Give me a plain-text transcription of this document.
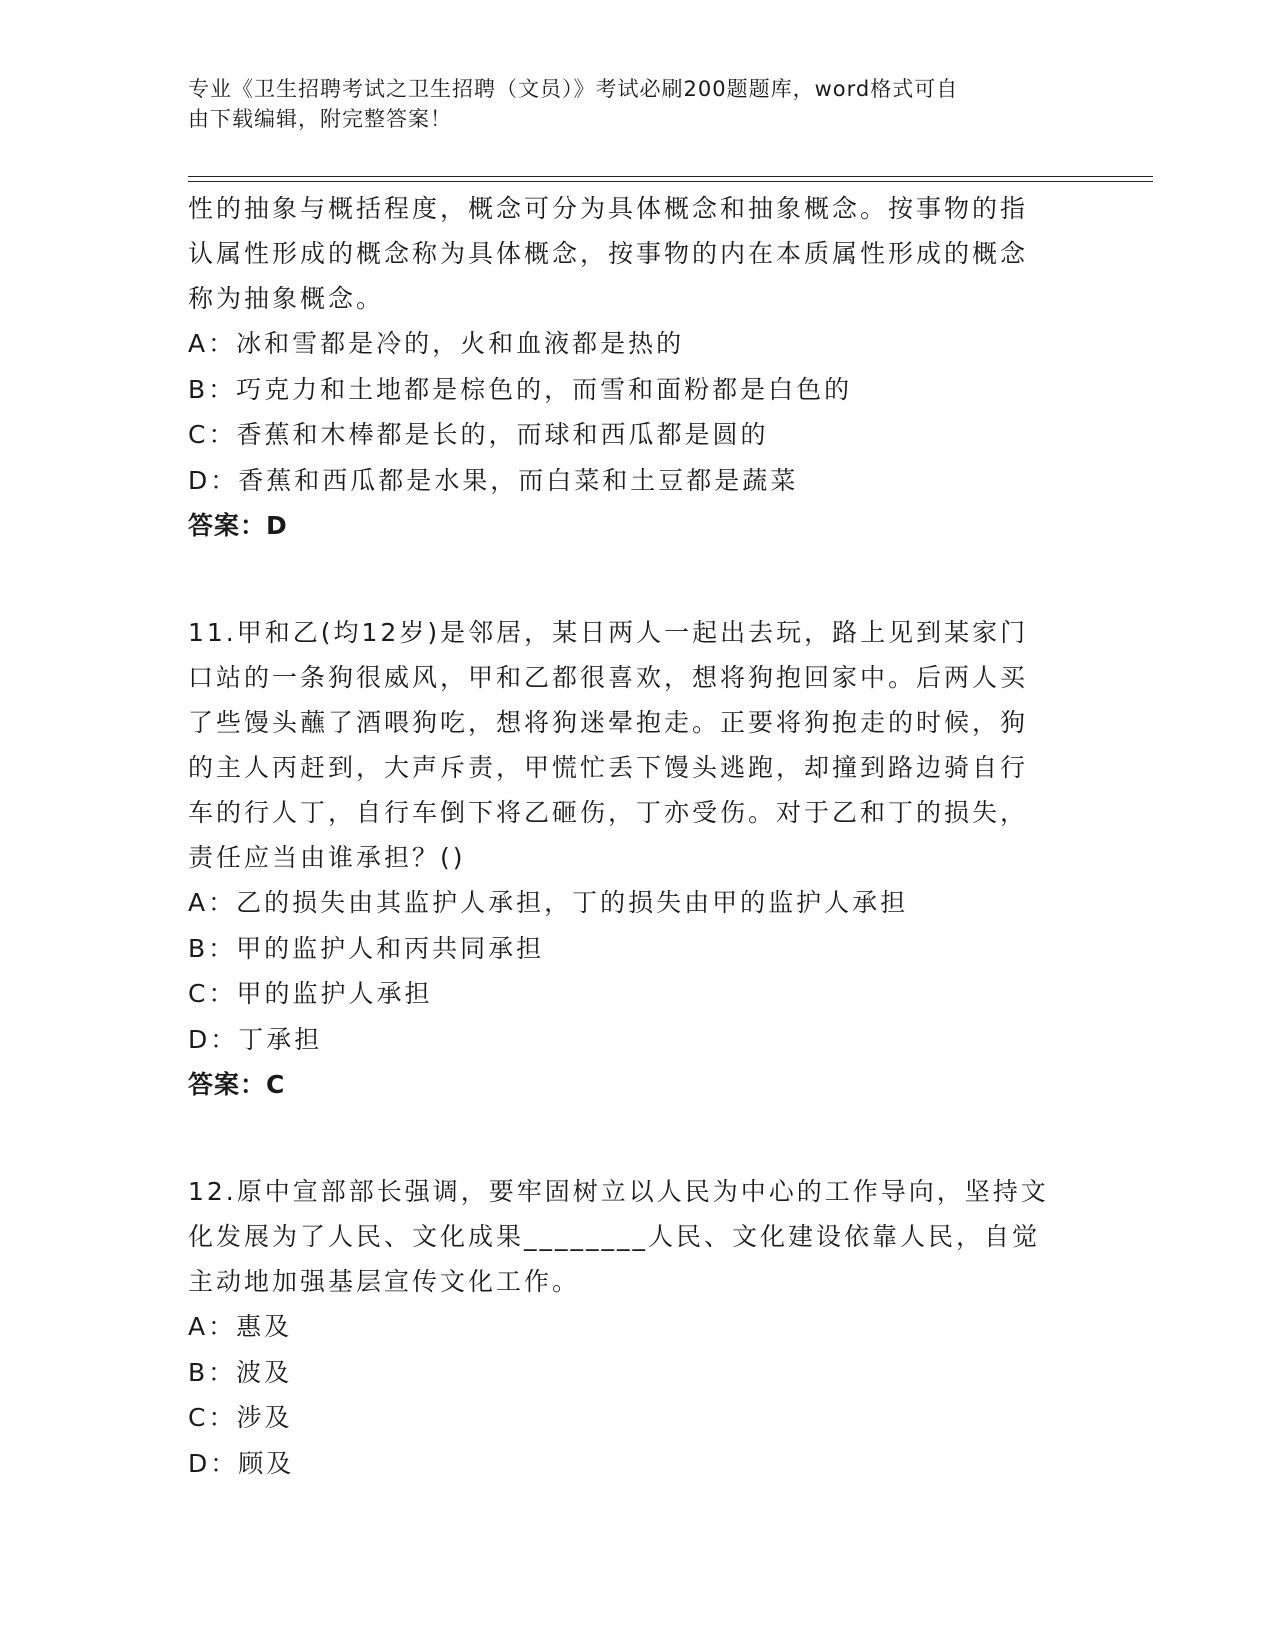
专业《卫生招聘考试之卫生招聘（文员）》考试必刷200题题库，word格式可自
由下载编辑，附完整答案！

性的抽象与概括程度，概念可分为具体概念和抽象概念。按事物的指

认属性形成的概念称为具体概念，按事物的内在本质属性形成的概念

称为抽象概念。

A：冰和雪都是冷的，火和血液都是热的

B：巧克力和土地都是棕色的，而雪和面粉都是白色的

C：香蕉和木棒都是长的，而球和西瓜都是圆的

D：香蕉和西瓜都是水果，而白菜和土豆都是蔬菜

答案：D

11.甲和乙(均12岁)是邻居，某日两人一起出去玩，路上见到某家门

口站的一条狗很威风，甲和乙都很喜欢，想将狗抱回家中。后两人买

了些馒头蘸了酒喂狗吃，想将狗迷晕抱走。正要将狗抱走的时候，狗

的主人丙赶到，大声斥责，甲慌忙丢下馒头逃跑，却撞到路边骑自行

车的行人丁，自行车倒下将乙砸伤，丁亦受伤。对于乙和丁的损失，

责任应当由谁承担？()

A：乙的损失由其监护人承担，丁的损失由甲的监护人承担

B：甲的监护人和丙共同承担

C：甲的监护人承担

D：丁承担

答案：C

12.原中宣部部长强调，要牢固树立以人民为中心的工作导向，坚持文

化发展为了人民、文化成果________人民、文化建设依靠人民，自觉

主动地加强基层宣传文化工作。

A：惠及

B：波及

C：涉及

D：顾及
